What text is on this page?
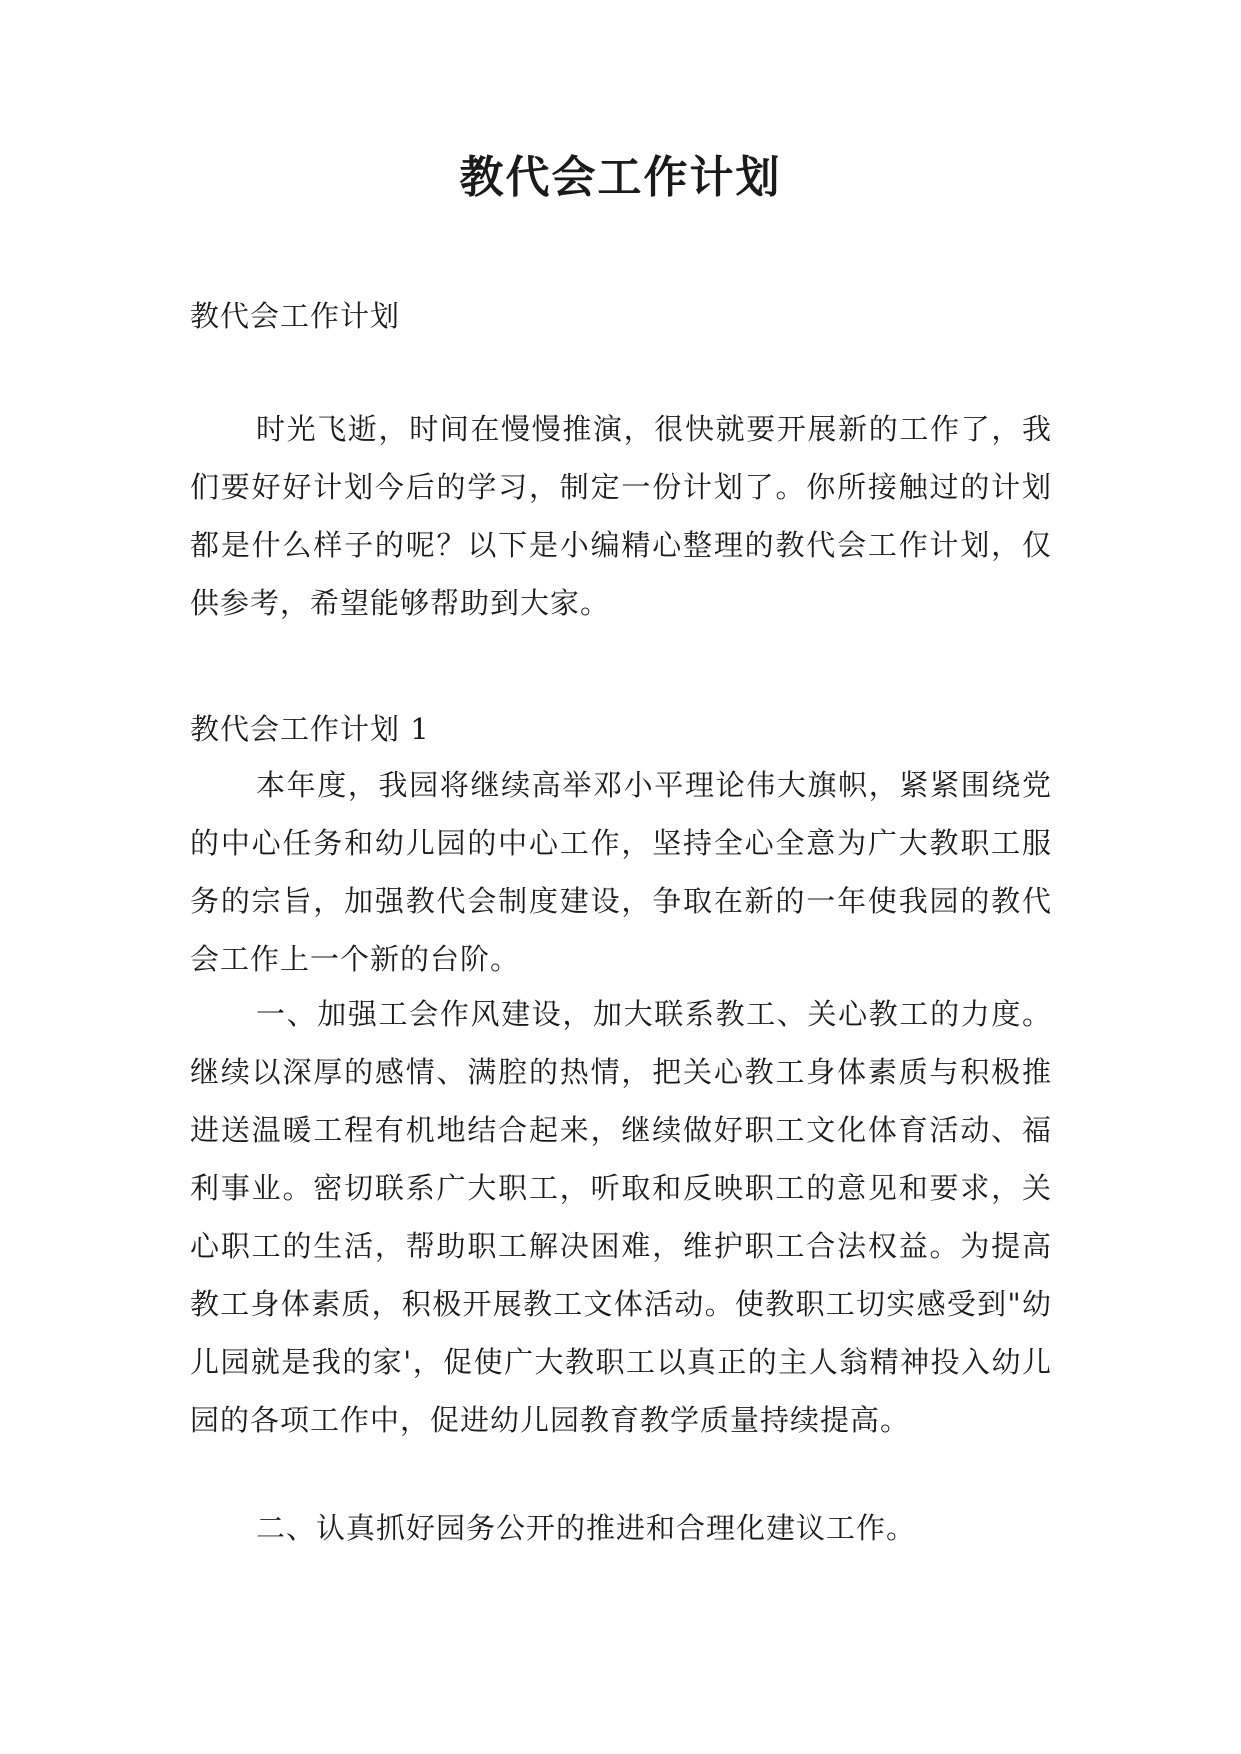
教代会工作计划

教代会工作计划

时光飞逝，时间在慢慢推演，很快就要开展新的工作了，我们要好好计划今后的学习，制定一份计划了。你所接触过的计划都是什么样子的呢？以下是小编精心整理的教代会工作计划，仅供参考，希望能够帮助到大家。

教代会工作计划 1

本年度，我园将继续高举邓小平理论伟大旗帜，紧紧围绕党的中心任务和幼儿园的中心工作，坚持全心全意为广大教职工服务的宗旨，加强教代会制度建设，争取在新的一年使我园的教代会工作上一个新的台阶。

一、加强工会作风建设，加大联系教工、关心教工的力度。继续以深厚的感情、满腔的热情，把关心教工身体素质与积极推进送温暖工程有机地结合起来，继续做好职工文化体育活动、福利事业。密切联系广大职工，听取和反映职工的意见和要求，关心职工的生活，帮助职工解决困难，维护职工合法权益。为提高教工身体素质，积极开展教工文体活动。使教职工切实感受到"幼儿园就是我的家'，促使广大教职工以真正的主人翁精神投入幼儿园的各项工作中，促进幼儿园教育教学质量持续提高。

二、认真抓好园务公开的推进和合理化建议工作。
